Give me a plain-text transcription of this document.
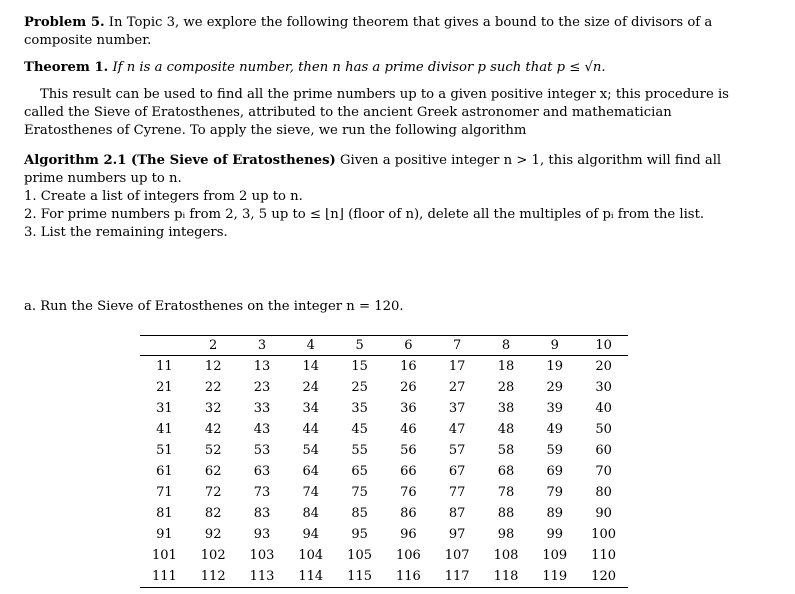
Problem 5. In Topic 3, we explore the following theorem that gives a bound to the size of divisors of a composite number.

Theorem 1. If n is a composite number, then n has a prime divisor p such that p ≤ √n.

This result can be used to find all the prime numbers up to a given positive integer x; this procedure is called the Sieve of Eratosthenes, attributed to the ancient Greek astronomer and mathematician Eratosthenes of Cyrene. To apply the sieve, we run the following algorithm

Algorithm 2.1 (The Sieve of Eratosthenes) Given a positive integer n > 1, this algorithm will find all prime numbers up to n.

1. Create a list of integers from 2 up to n.
2. For prime numbers pᵢ from 2, 3, 5 up to ≤ ⌊n⌋ (floor of n), delete all the multiples of pᵢ from the list.
3. List the remaining integers.

a. Run the Sieve of Eratosthenes on the integer n = 120.

	2	3	4	5	6	7	8	9	10
11	12	13	14	15	16	17	18	19	20
21	22	23	24	25	26	27	28	29	30
31	32	33	34	35	36	37	38	39	40
41	42	43	44	45	46	47	48	49	50
51	52	53	54	55	56	57	58	59	60
61	62	63	64	65	66	67	68	69	70
71	72	73	74	75	76	77	78	79	80
81	82	83	84	85	86	87	88	89	90
91	92	93	94	95	96	97	98	99	100
101	102	103	104	105	106	107	108	109	110
111	112	113	114	115	116	117	118	119	120
